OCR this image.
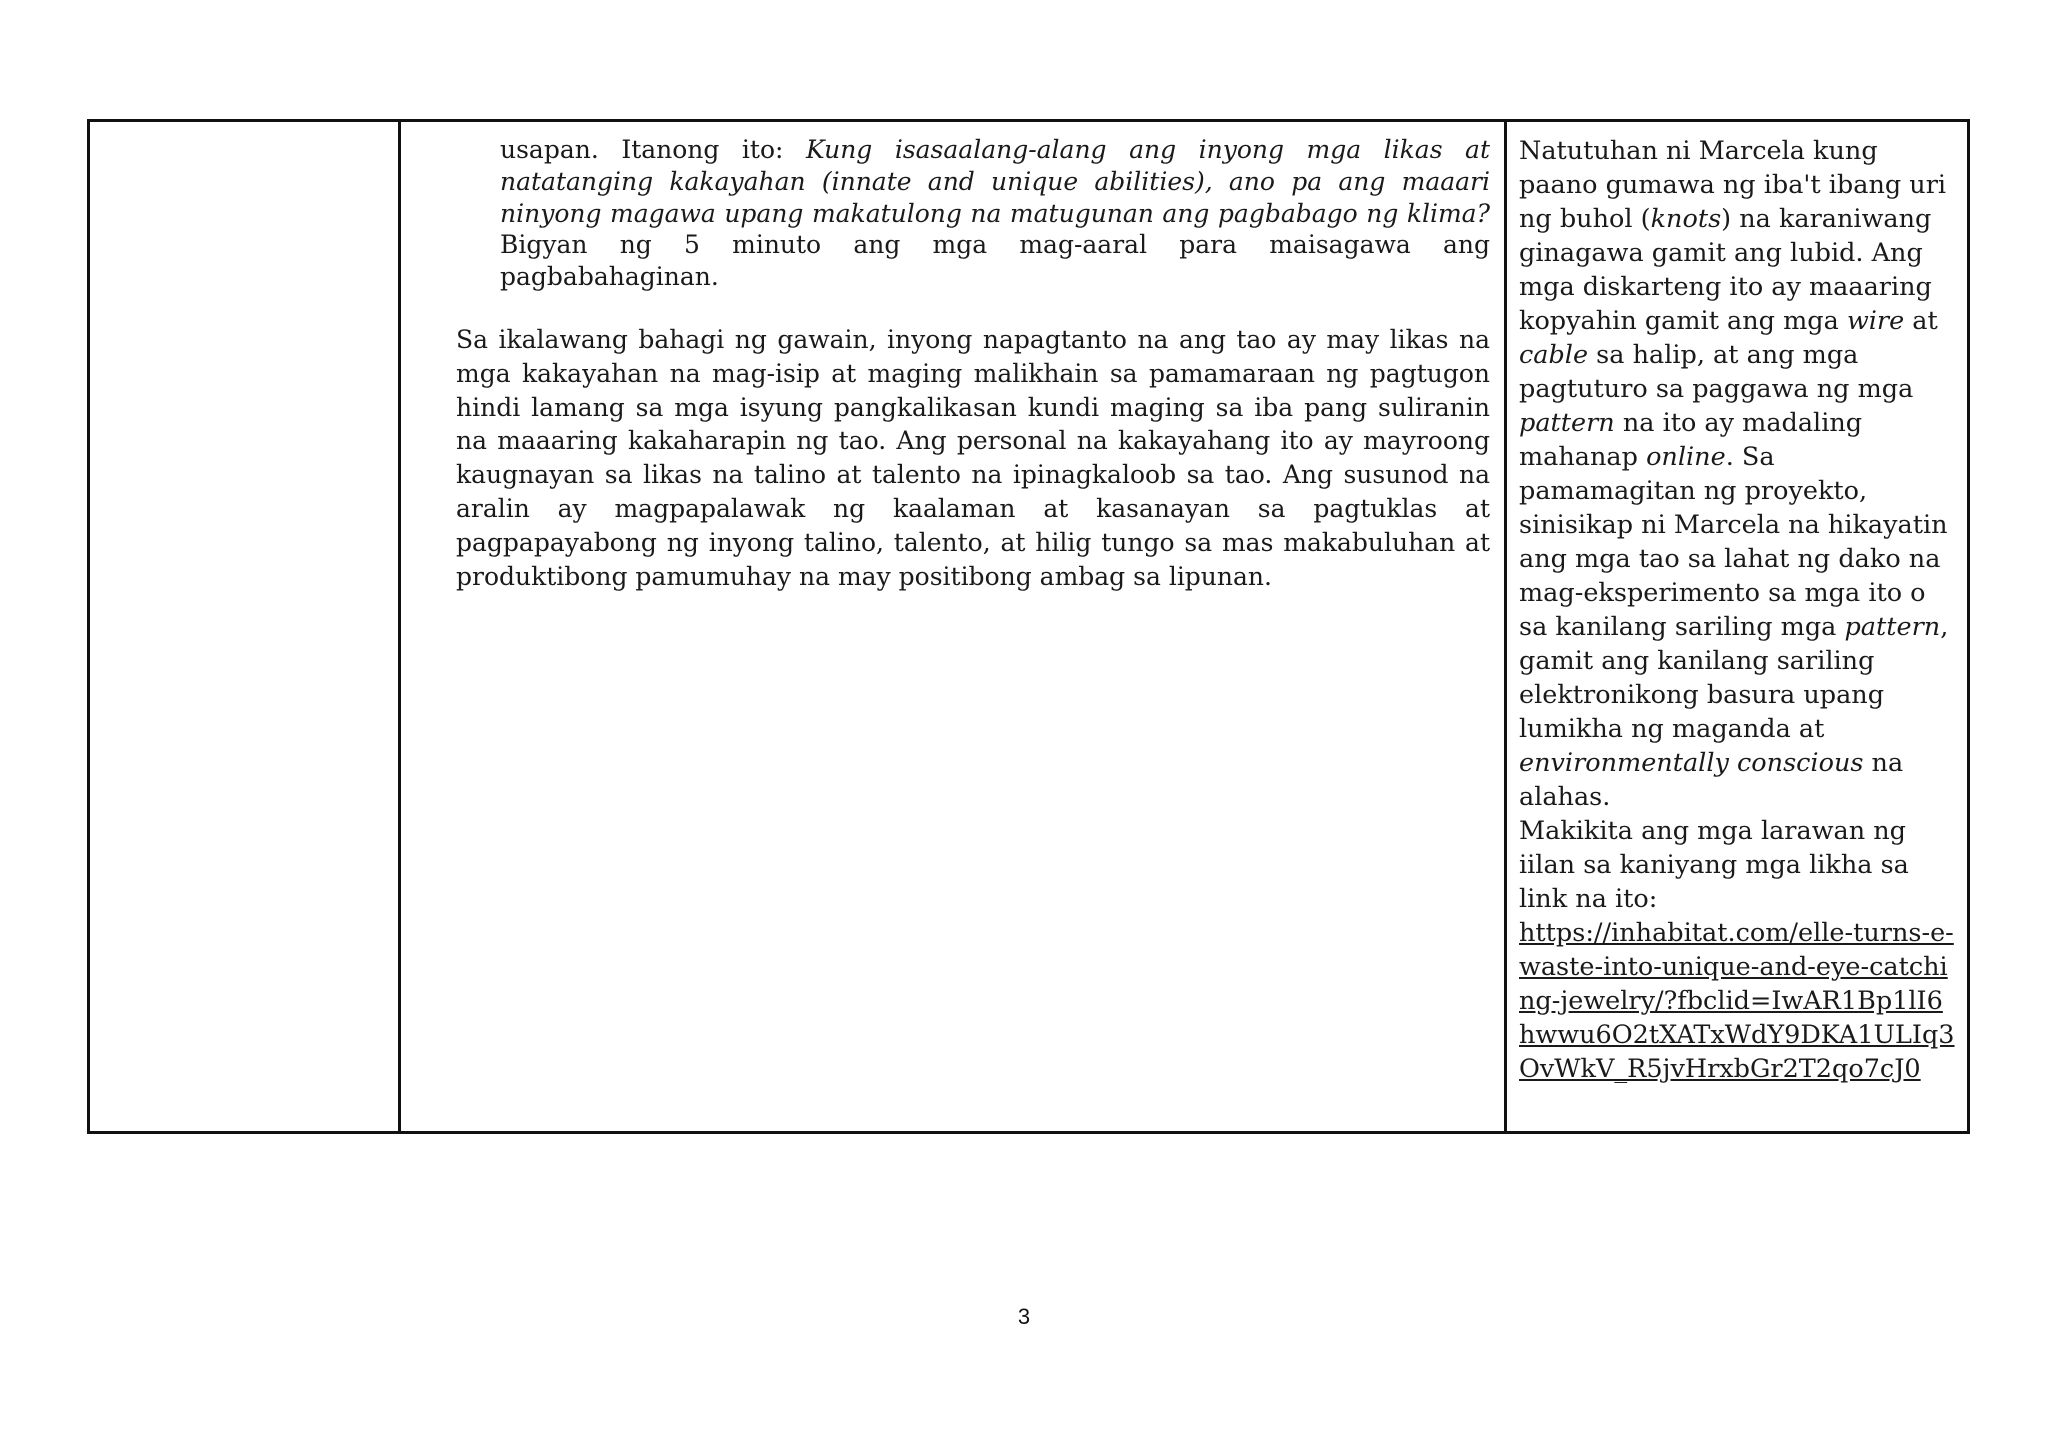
usapan. Itanong ito: Kung isasaalang-alang ang inyong mga likas at natatanging kakayahan (innate and unique abilities), ano pa ang maaari ninyong magawa upang makatulong na matugunan ang pagbabago ng klima? Bigyan ng 5 minuto ang mga mag-aaral para maisagawa ang pagbabahaginan.
Sa ikalawang bahagi ng gawain, inyong napagtanto na ang tao ay may likas na mga kakayahan na mag-isip at maging malikhain sa pamamaraan ng pagtugon hindi lamang sa mga isyung pangkalikasan kundi maging sa iba pang suliranin na maaaring kakaharapin ng tao. Ang personal na kakayahang ito ay mayroong kaugnayan sa likas na talino at talento na ipinagkaloob sa tao. Ang susunod na aralin ay magpapalawak ng kaalaman at kasanayan sa pagtuklas at pagpapayabong ng inyong talino, talento, at hilig tungo sa mas makabuluhan at produktibong pamumuhay na may positibong ambag sa lipunan.
Natutuhan ni Marcela kung paano gumawa ng iba't ibang uri ng buhol (knots) na karaniwang ginagawa gamit ang lubid. Ang mga diskarteng ito ay maaaring kopyahin gamit ang mga wire at cable sa halip, at ang mga pagtuturo sa paggawa ng mga pattern na ito ay madaling mahanap online. Sa pamamagitan ng proyekto, sinisikap ni Marcela na hikayatin ang mga tao sa lahat ng dako na mag-eksperimento sa mga ito o sa kanilang sariling mga pattern, gamit ang kanilang sariling elektronikong basura upang lumikha ng maganda at environmentally conscious na alahas.
Makikita ang mga larawan ng iilan sa kaniyang mga likha sa link na ito:
https://inhabitat.com/elle-turns-e-waste-into-unique-and-eye-catching-jewelry/?fbclid=IwAR1Bp1lI6hwwu6O2tXATxWdY9DKA1ULIq3OvWkV_R5jvHrxbGr2T2qo7cJ0
3
